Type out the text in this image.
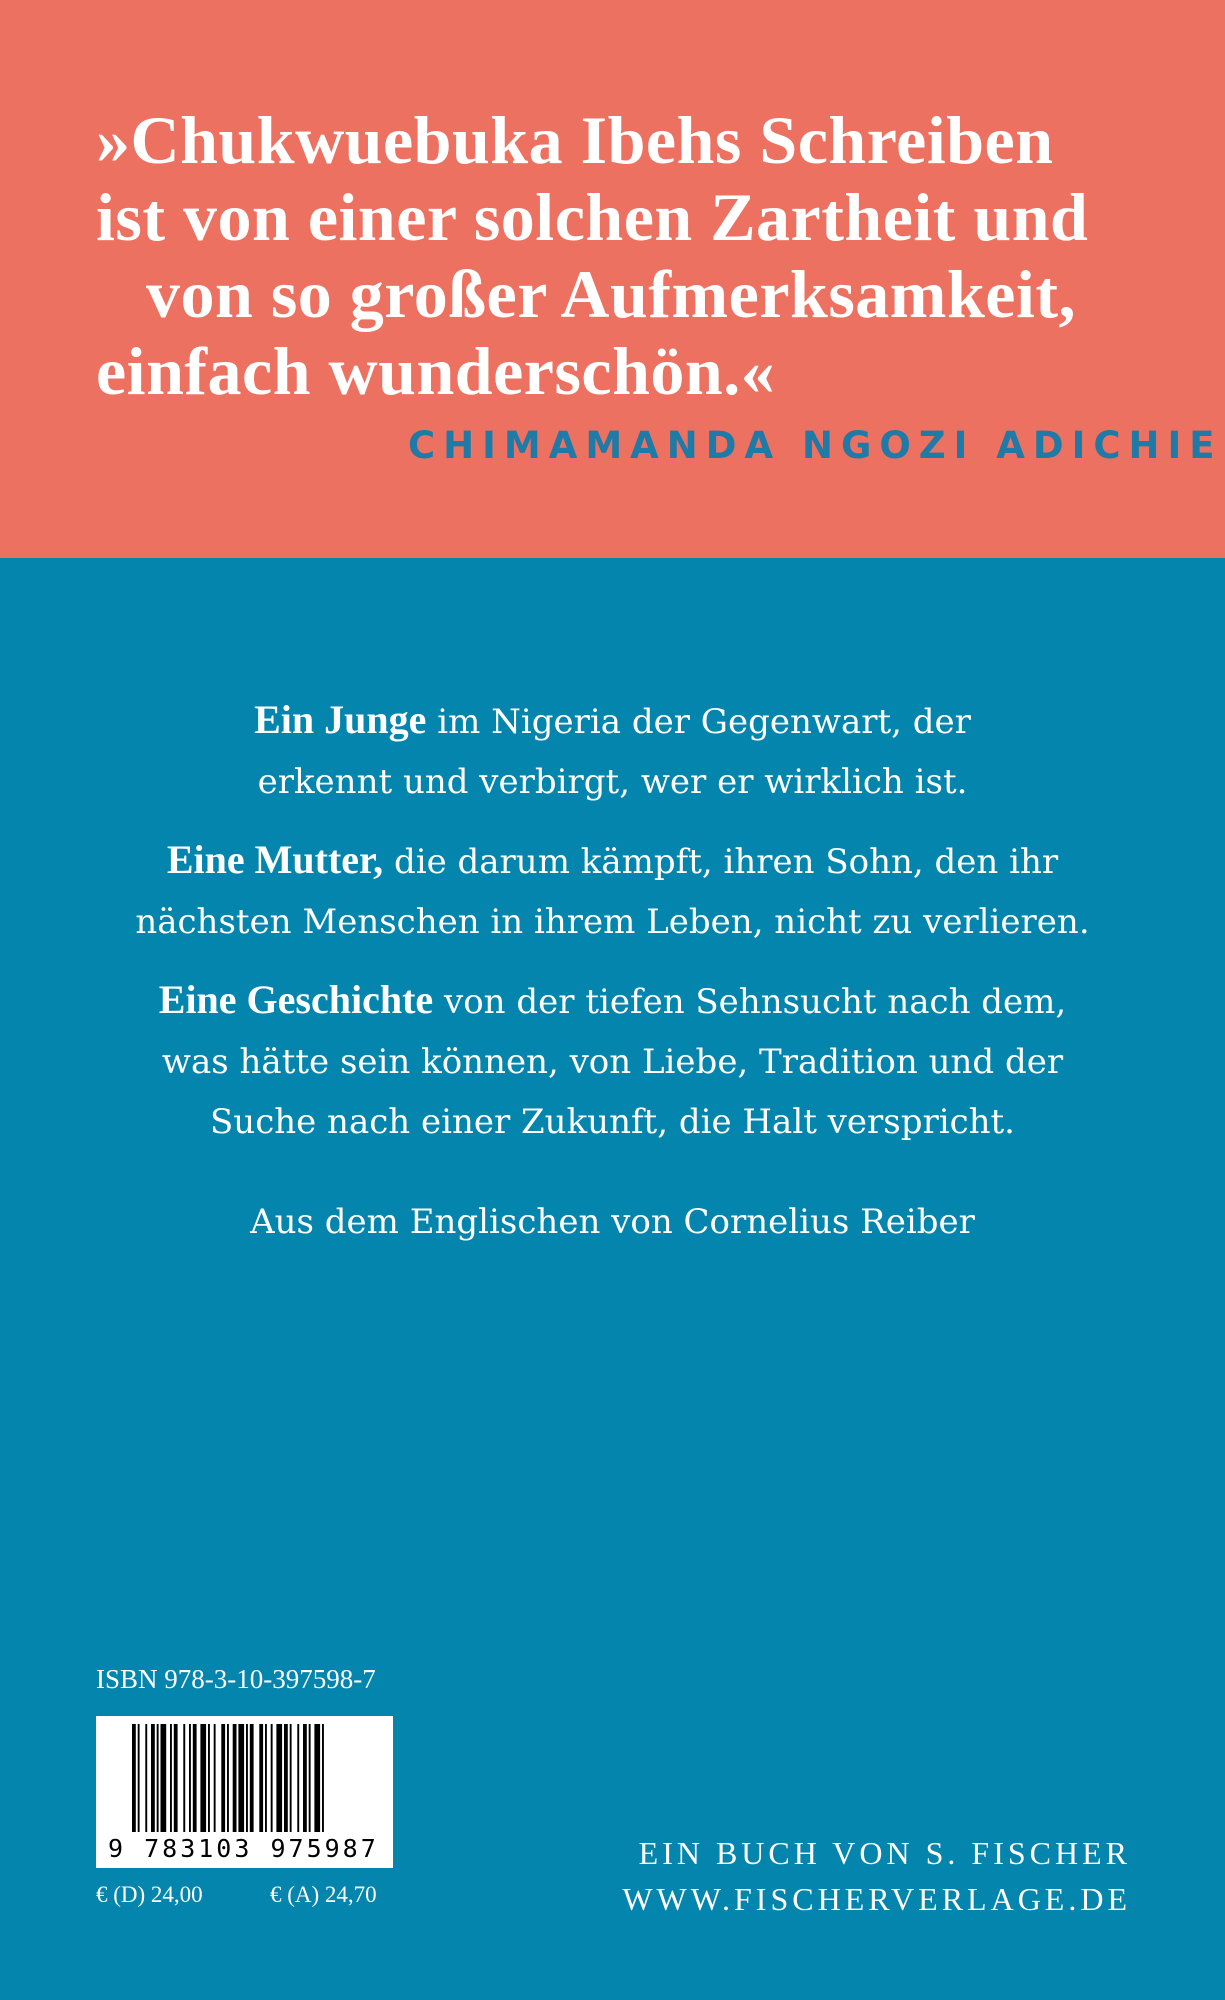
»Chukwuebuka Ibehs Schreiben
ist von einer solchen Zartheit und
von so großer Aufmerksamkeit,
einfach wunderschön.«
CHIMAMANDA NGOZI ADICHIE

Ein Junge im Nigeria der Gegenwart, der
erkennt und verbirgt, wer er wirklich ist.

Eine Mutter, die darum kämpft, ihren Sohn, den ihr
nächsten Menschen in ihrem Leben, nicht zu verlieren.

Eine Geschichte von der tiefen Sehnsucht nach dem,
was hätte sein können, von Liebe, Tradition und der
Suche nach einer Zukunft, die Halt verspricht.

Aus dem Englischen von Cornelius Reiber

ISBN 978-3-10-397598-7
9 783103 975987
€ (D) 24,00	€ (A) 24,70
EIN BUCH VON S. FISCHER
WWW.FISCHERVERLAGE.DE
